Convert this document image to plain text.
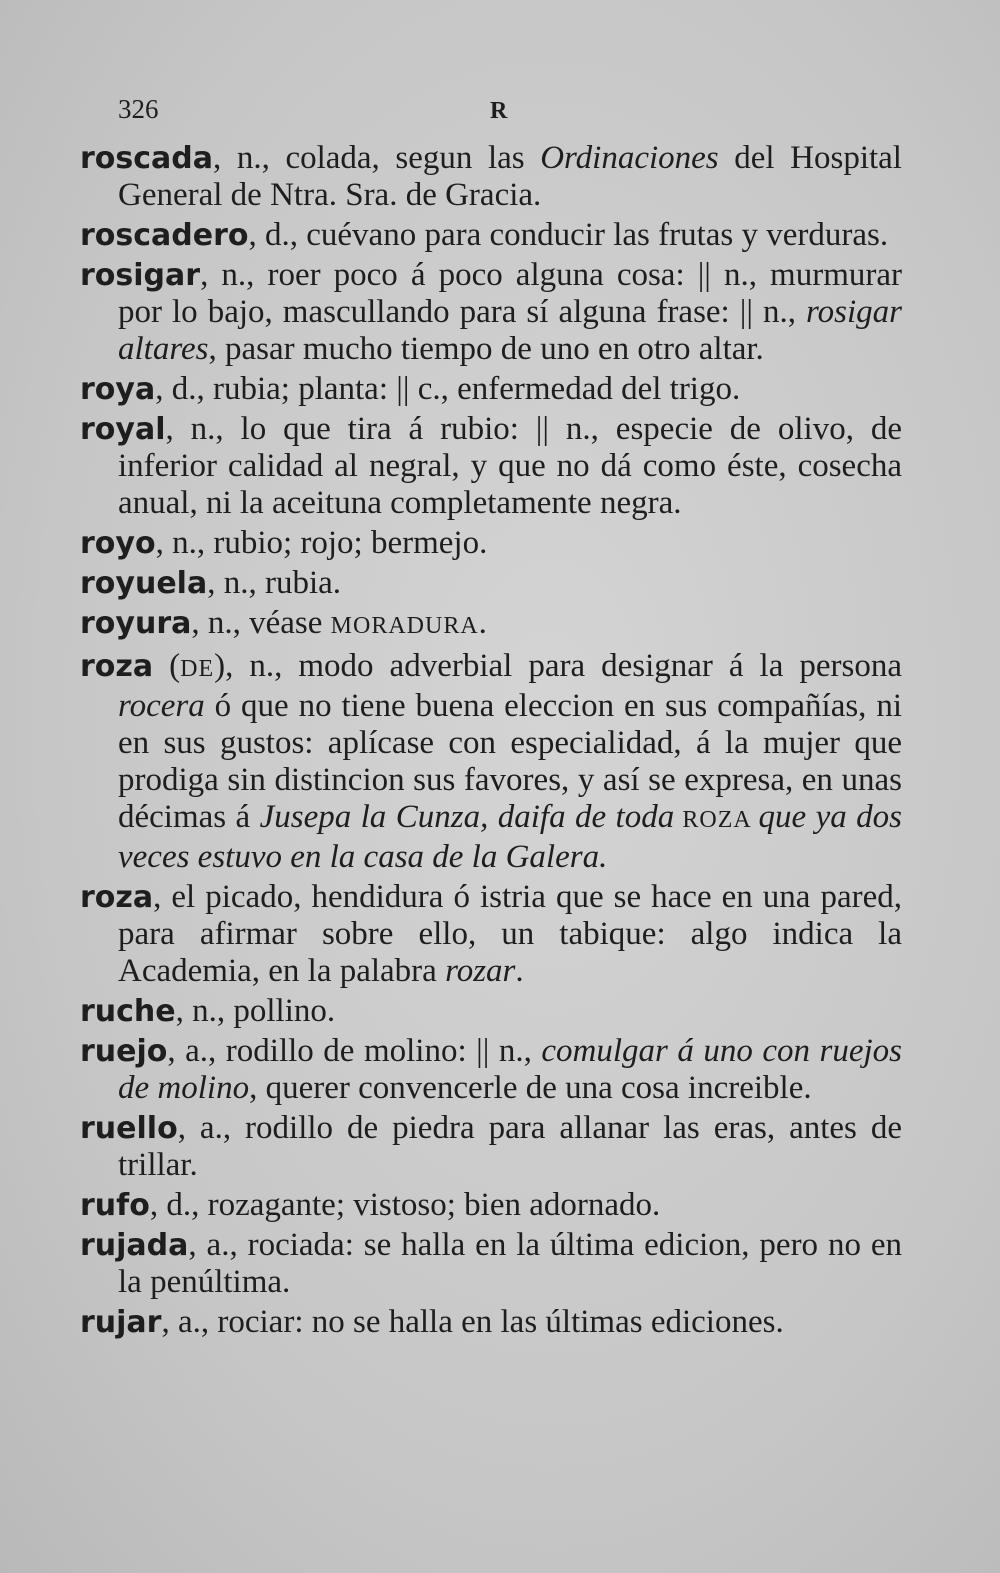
326	R

roscada, n., colada, segun las Ordinaciones del Hospital General de Ntra. Sra. de Gracia.

roscadero, d., cuévano para conducir las frutas y verduras.

rosigar, n., roer poco á poco alguna cosa: || n., murmurar por lo bajo, mascullando para sí alguna frase: || n., rosigar altares, pasar mucho tiempo de uno en otro altar.

roya, d., rubia; planta: || c., enfermedad del trigo.

royal, n., lo que tira á rubio: || n., especie de olivo, de inferior calidad al negral, y que no dá como éste, cosecha anual, ni la aceituna completamente negra.

royo, n., rubio; rojo; bermejo.

royuela, n., rubia.

royura, n., véase MORADURA.

roza (DE), n., modo adverbial para designar á la persona rocera ó que no tiene buena eleccion en sus compañías, ni en sus gustos: aplícase con especialidad, á la mujer que prodiga sin distincion sus favores, y así se expresa, en unas décimas á Jusepa la Cunza, daifa de toda ROZA que ya dos veces estuvo en la casa de la Galera.

roza, el picado, hendidura ó istria que se hace en una pared, para afirmar sobre ello, un tabique: algo indica la Academia, en la palabra rozar.

ruche, n., pollino.

ruejo, a., rodillo de molino: || n., comulgar á uno con ruejos de molino, querer convencerle de una cosa increible.

ruello, a., rodillo de piedra para allanar las eras, antes de trillar.

rufo, d., rozagante; vistoso; bien adornado.

rujada, a., rociada: se halla en la última edicion, pero no en la penúltima.

rujar, a., rociar: no se halla en las últimas ediciones.
